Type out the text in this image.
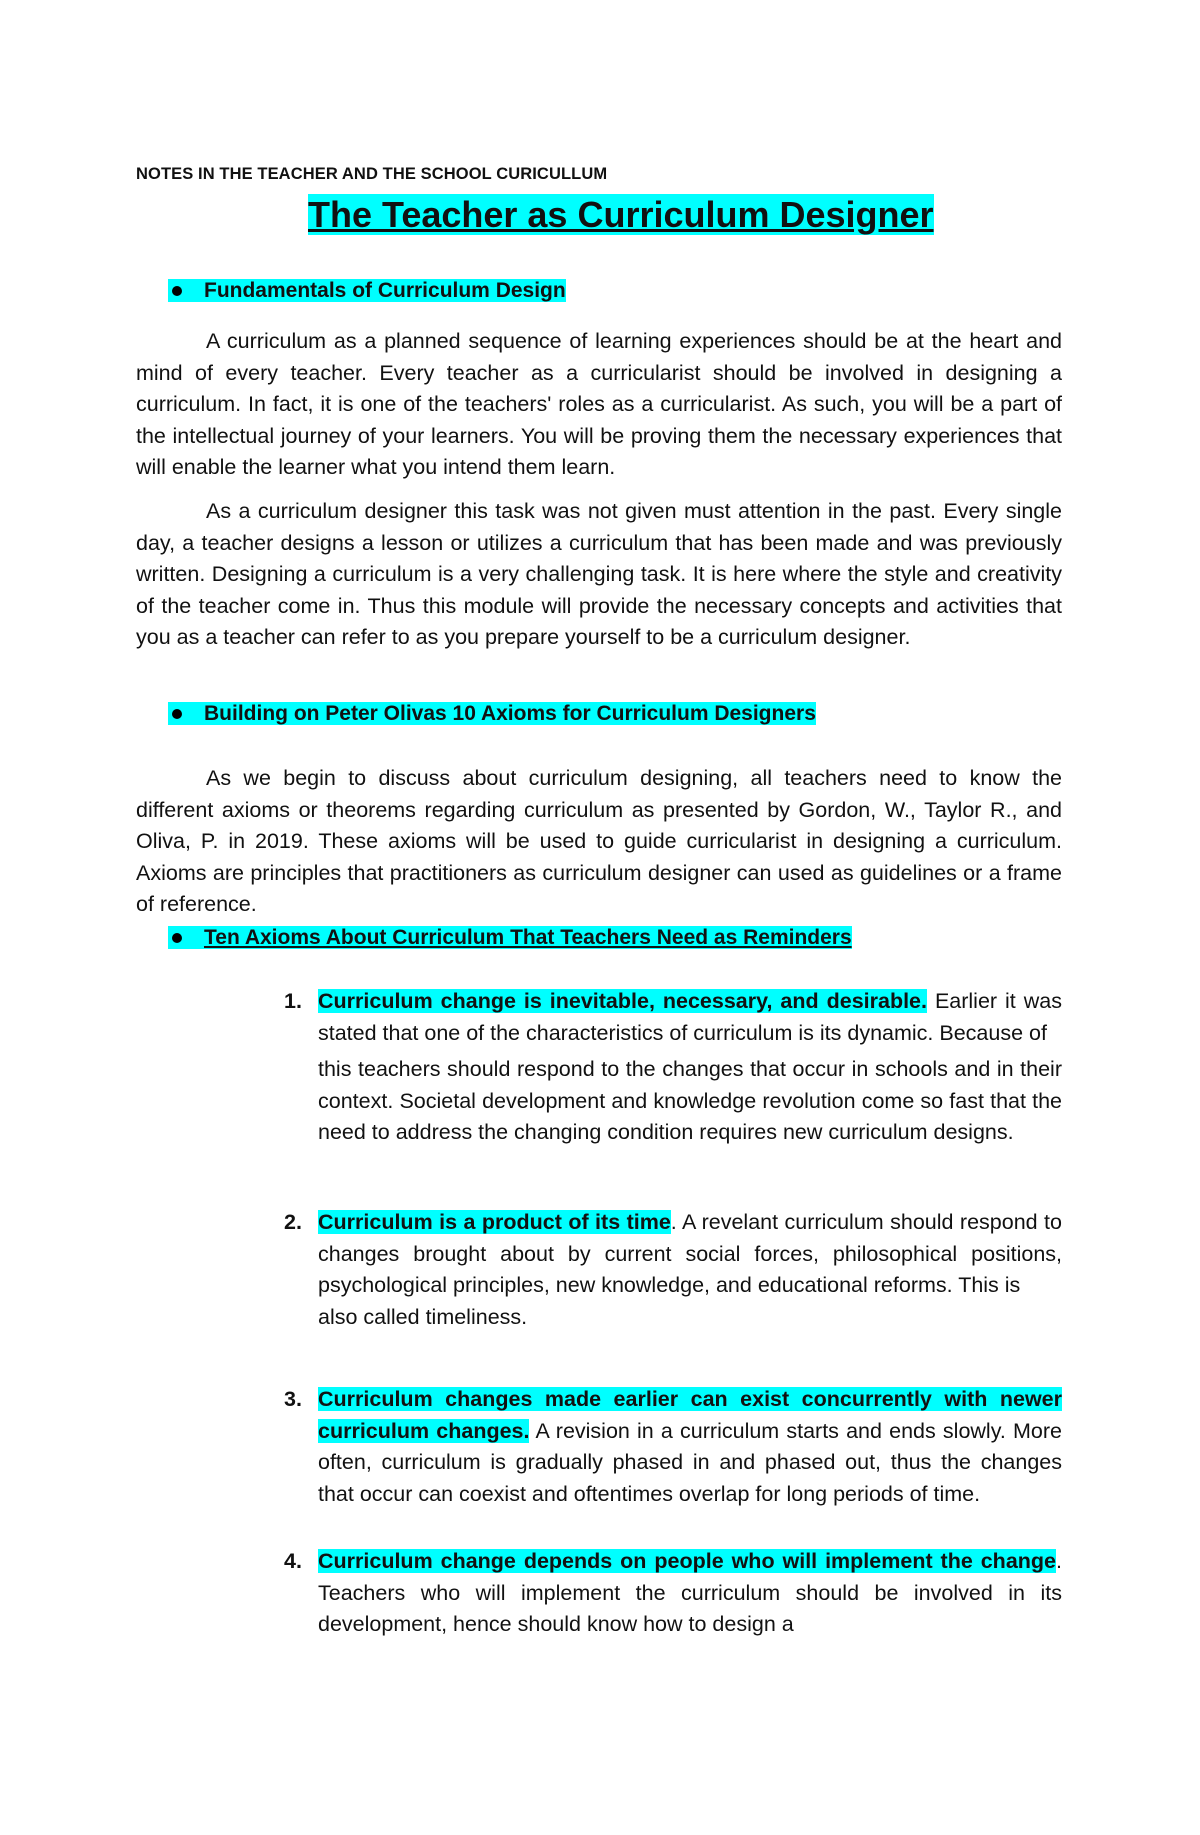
NOTES IN THE TEACHER AND THE SCHOOL CURICULLUM
The Teacher as Curriculum Designer
Fundamentals of Curriculum Design

A curriculum as a planned sequence of learning experiences should be at the heart and mind of every teacher. Every teacher as a curricularist should be involved in designing a curriculum. In fact, it is one of the teachers' roles as a curricularist. As such, you will be a part of the intellectual journey of your learners. You will be proving them the necessary experiences that will enable the learner what you intend them learn.

As a curriculum designer this task was not given must attention in the past. Every single day, a teacher designs a lesson or utilizes a curriculum that has been made and was previously written. Designing a curriculum is a very challenging task. It is here where the style and creativity of the teacher come in. Thus this module will provide the necessary concepts and activities that you as a teacher can refer to as you prepare yourself to be a curriculum designer.

Building on Peter Olivas 10 Axioms for Curriculum Designers

As we begin to discuss about curriculum designing, all teachers need to know the different axioms or theorems regarding curriculum as presented by Gordon, W., Taylor R., and Oliva, P. in 2019. These axioms will be used to guide curricularist in designing a curriculum. Axioms are principles that practitioners as curriculum designer can used as guidelines or a frame of reference.

Ten Axioms About Curriculum That Teachers Need as Reminders
1. Curriculum change is inevitable, necessary, and desirable. Earlier it was stated that one of the characteristics of curriculum is its dynamic. Because of
this teachers should respond to the changes that occur in schools and in their context. Societal development and knowledge revolution come so fast that the need to address the changing condition requires new curriculum designs.
2. Curriculum is a product of its time. A revelant curriculum should respond to changes brought about by current social forces, philosophical positions, psychological principles, new knowledge, and educational reforms. This is
also called timeliness.
3. Curriculum changes made earlier can exist concurrently with newer curriculum changes. A revision in a curriculum starts and ends slowly. More often, curriculum is gradually phased in and phased out, thus the changes that occur can coexist and oftentimes overlap for long periods of time.
4. Curriculum change depends on people who will implement the change. Teachers who will implement the curriculum should be involved in its development, hence should know how to design a
